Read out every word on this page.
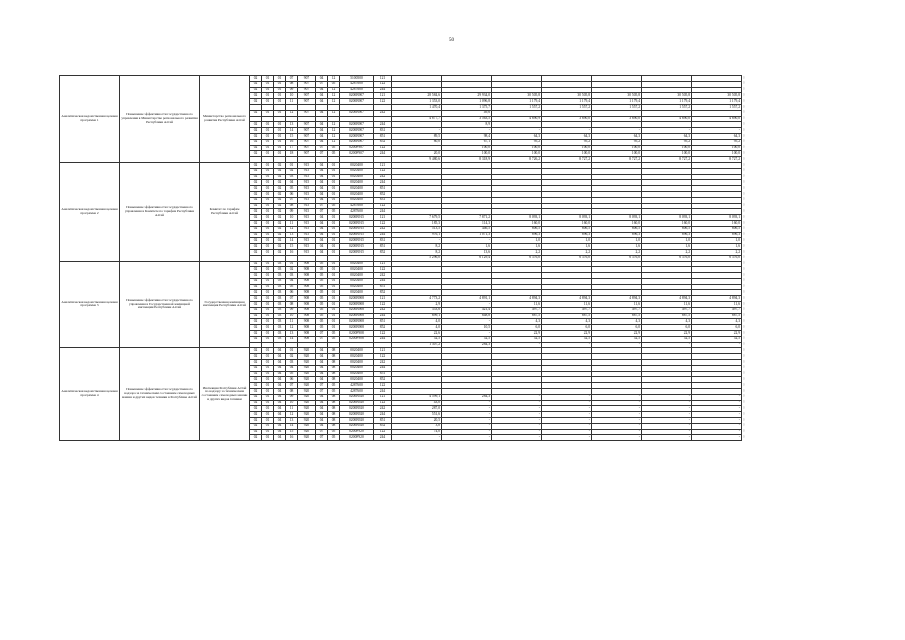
50
Аналитическая ведомственная целевая программа 1	Повышение эффективности государственного управления в Министерстве регионального развития Республики Алтай	Министерство регионального развития Республики Алтай	02	01	01	07	907	04	12	5100500	121								¤
			02	01	01	08	907	07	05	4287600	122								¤
			02	01	01	09	907	04	12	4287600	244								¤
			02	01	01	10	907	04	12	0200B907	121	28 584,6	29 934,0	30 505,8	30 505,8	30 505,8	30 505,8	30 505,8	¤
			02	01	01	11	907	04	12	0200B907	122	1 353,0	1 096,8	1 179,4	1 179,4	1 179,4	1 179,4	1 179,4	¤
												1 470,4	1 375,7	1 557,2	1 557,2	1 557,2	1 557,2	1 557,2	¤
			02	01	01	12	907	04	12	0200B907	242		49,6						¤
												4 877,7	3 563,5	4 690,9	3 690,0	3 690,0	4 690,0	4 690,0	¤
			02	01	01	13	907	04	12	0200B907	244		8,9						¤
			02	01	01	14	907	04	12	0200B907	831	-	-	-	-	-	-	-	¤
			02	01	01	15	907	04	12	0200B907	851	89,5	98,4	64,3	64,3	64,3	64,3	64,3	¤
			02	01	01	16	907	04	12	0200B907	852	80,0	67,1	95,2	95,2	95,2	95,2	95,2	¤
			02	01	01	17	907	07	05	0200F907	122		100,0	100,0	100,0	100,0	100,0	100,0	¤
			02	01	01	18	907	07	05	0200F907	244	20,0	100,0	100,0	100,0	100,0	100,0	100,0	¤
												9 480,6	8 318,9	8 726,2	8 727,2	8 727,2	8 727,2	8 727,2	¤
Аналитическая ведомственная целевая программа 2	Повышение эффективности государственного управления в Комитете по тарифам Республики Алтай	Комитет по тарифам Республики Алтай	02	01	02	01	915	04	01	0020400	121								¤
			02	01	02	02	915	04	01	0020400	122								¤
			02	01	02	03	915	04	01	0020400	242								¤
			02	01	02	04	915	04	01	0020400	244								¤
			02	01	02	05	915	04	01	0020400	851								¤
			02	01	02	06	915	04	01	0020400	852								¤
			02	01	02	07	915	04	01	0020400	831								¤
			02	01	02	08	915	07	05	4287600	122								¤
			02	01	02	09	915	07	05	4287600	244								¤
			02	01	02	10	915	04	01	0200B915	121	7 679,5	7 871,2	8 093,1	8 093,1	8 093,1	8 093,1	8 093,1	¤
			02	01	02	11	915	04	01	0200B915	122	185,3	114,3	160,0	160,0	160,0	160,0	160,0	¤
			02	01	02	12	915	04	01	0200B915	242	513,5	446,5	606,5	606,5	606,5	606,5	606,5	¤
			02	01	02	13	915	04	01	0200B915	244	976,1	1 071,3	896,3	896,3	896,3	896,3	896,3	¤
			02	01	02	14	915	04	01	0200B915	831	-	-	1,0	1,0	1,0	1,0	1,0	¤
			02	01	02	15	915	04	01	0200B915	851	8,2	1,6	1,6	1,6	1,6	1,6	1,6	¤
			02	01	02	16	915	04	01	0200B915	852	8,2	13,6	2,2	2,2	2,2	2,2	2,2	¤
												5 296,0	6 129,4	6 376,0	6 376,0	6 376,0	6 376,0	6 376,0	¤
Аналитическая ведомственная целевая программа 3	Повышение эффективности государственного управления в Государственной жилищной инспекции Республики Алтай	Государственная жилищная инспекция Республики Алтай	02	01	03	01	908	05	01	0020400	121								¤
			02	01	03	02	908	05	01	0020400	122								¤
			02	01	03	03	908	05	01	0020400	242								¤
			02	01	03	04	908	05	01	0020400	244								¤
			02	01	03	05	908	05	01	0020400	851								¤
			02	01	03	06	908	05	01	0020400	852								¤
			02	01	03	07	908	05	01	0200B908	121	4 773,2	4 891,1	4 894,3	4 894,3	4 894,3	4 894,3	4 894,3	¤
			02	01	03	08	908	05	01	0200B908	122	2,9	-	11,6	11,6	11,6	11,6	11,6	¤
			02	01	03	09	908	05	01	0200B908	242	353,6	421,4	497,7	497,7	497,7	497,7	497,7	¤
			02	01	03	10	908	05	01	0200B908	244	699,1	848,8	887,5	887,5	887,5	887,5	887,5	¤
			02	01	03	11	908	05	01	0200B908	851	4,0	-	4,3	4,3	4,3	4,3	4,3	¤
			02	01	03	12	908	05	01	0200B908	852	4,0	10,5	6,0	6,0	6,0	6,0	6,0	¤
			02	01	03	13	908	07	05	0200F908	122	22,6	-	22,9	22,9	22,9	22,9	22,9	¤
			02	01	03	14	908	07	05	0200F908	244	52,5	52,5	52,5	52,5	52,5	52,5	52,5	¤
												1 307,2	284,3	-	-	-	-	-	¤
Аналитическая ведомственная целевая программа 4	Повышение эффективности государственного надзора за техническим состоянием самоходных машин и других видов техники в Республике Алтай	Инспекция Республики Алтай по надзору за техническим состоянием самоходных машин и других видов техники	02	01	04	01	920	04	08	0020400	121								¤
			02	01	04	02	920	04	08	0020400	122								¤
			02	01	04	03	920	04	08	0020400	242								¤
			02	01	04	04	920	04	08	0020400	244								¤
			02	01	04	05	920	04	08	0020400	851								¤
			02	01	04	06	920	04	08	0020400	852								¤
			02	01	04	07	920	07	05	4287600	122								¤
			02	01	04	08	920	07	05	4287600	244								¤
			02	01	04	09	920	04	08	0200B920	121	4 599,1	284,3	-	-	-	-	-	¤
			02	01	04	10	920	04	08	0200B920	122	43,0	-	-	-	-	-	-	¤
			02	01	04	11	920	04	08	0200B920	242	287,0	-	-	-	-	-	-	¤
			02	01	04	12	920	04	08	0200B920	244	551,6	-	-	-	-	-	-	¤
			02	01	04	13	920	04	08	0200B920	851	20,5	-	-	-	-	-	-	¤
			02	01	04	14	920	04	08	0200B920	852	3,0	-	-	-	-	-	-	¤
			02	01	04	15	920	07	05	0200F920	122	74,0	-	-	-	-	-	-	¤
			02	01	04	16	920	07	05	0200F920	244	-	-	-	-	-	-	-	¤
